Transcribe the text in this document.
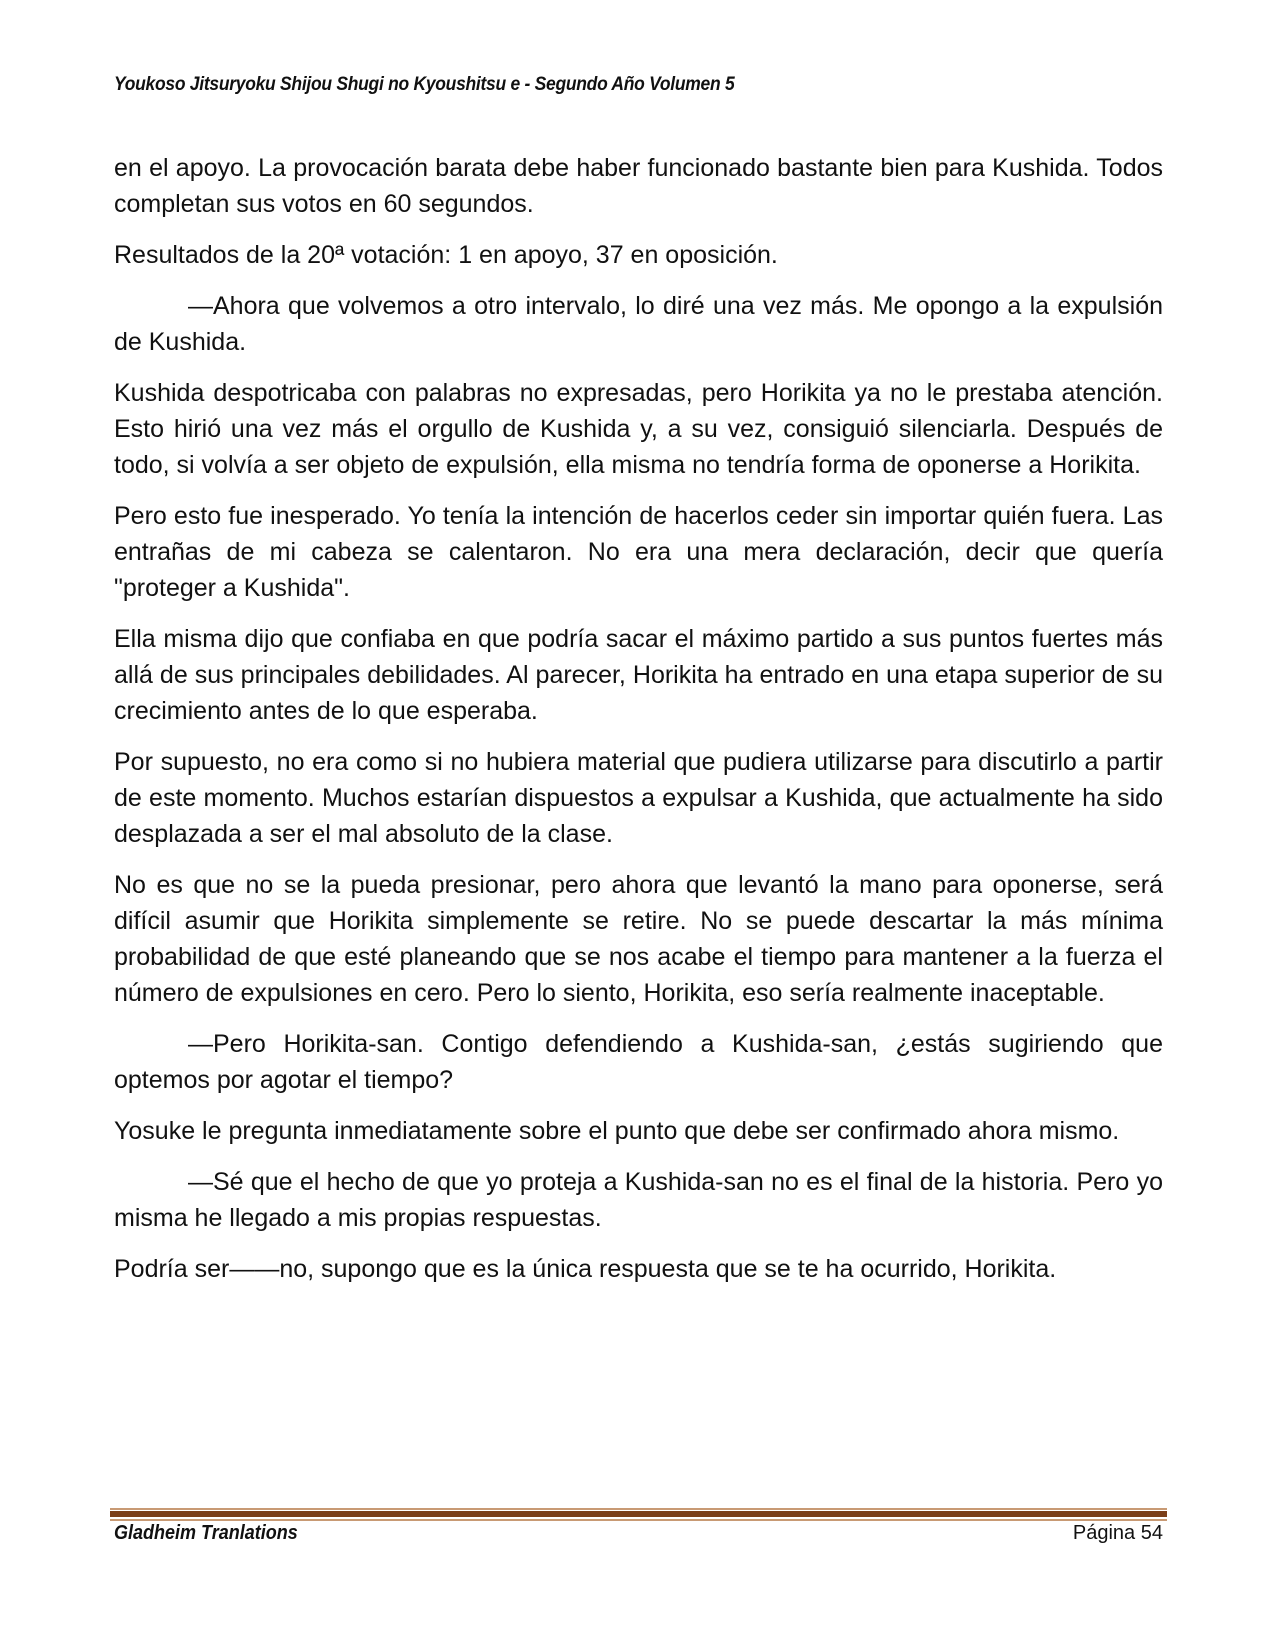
Youkoso Jitsuryoku Shijou Shugi no Kyoushitsu e - Segundo Año Volumen 5

en el apoyo. La provocación barata debe haber funcionado bastante bien para Kushida. Todos completan sus votos en 60 segundos.

Resultados de la 20ª votación: 1 en apoyo, 37 en oposición.

—Ahora que volvemos a otro intervalo, lo diré una vez más. Me opongo a la expulsión de Kushida.

Kushida despotricaba con palabras no expresadas, pero Horikita ya no le prestaba atención. Esto hirió una vez más el orgullo de Kushida y, a su vez, consiguió silenciarla. Después de todo, si volvía a ser objeto de expulsión, ella misma no tendría forma de oponerse a Horikita.

Pero esto fue inesperado. Yo tenía la intención de hacerlos ceder sin importar quién fuera. Las entrañas de mi cabeza se calentaron. No era una mera declaración, decir que quería "proteger a Kushida".

Ella misma dijo que confiaba en que podría sacar el máximo partido a sus puntos fuertes más allá de sus principales debilidades. Al parecer, Horikita ha entrado en una etapa superior de su crecimiento antes de lo que esperaba.

Por supuesto, no era como si no hubiera material que pudiera utilizarse para discutirlo a partir de este momento. Muchos estarían dispuestos a expulsar a Kushida, que actualmente ha sido desplazada a ser el mal absoluto de la clase.

No es que no se la pueda presionar, pero ahora que levantó la mano para oponerse, será difícil asumir que Horikita simplemente se retire. No se puede descartar la más mínima probabilidad de que esté planeando que se nos acabe el tiempo para mantener a la fuerza el número de expulsiones en cero. Pero lo siento, Horikita, eso sería realmente inaceptable.

—Pero Horikita-san. Contigo defendiendo a Kushida-san, ¿estás sugiriendo que optemos por agotar el tiempo?

Yosuke le pregunta inmediatamente sobre el punto que debe ser confirmado ahora mismo.

—Sé que el hecho de que yo proteja a Kushida-san no es el final de la historia. Pero yo misma he llegado a mis propias respuestas.

Podría ser——no, supongo que es la única respuesta que se te ha ocurrido, Horikita.

Gladheim Tranlations	Página 54
